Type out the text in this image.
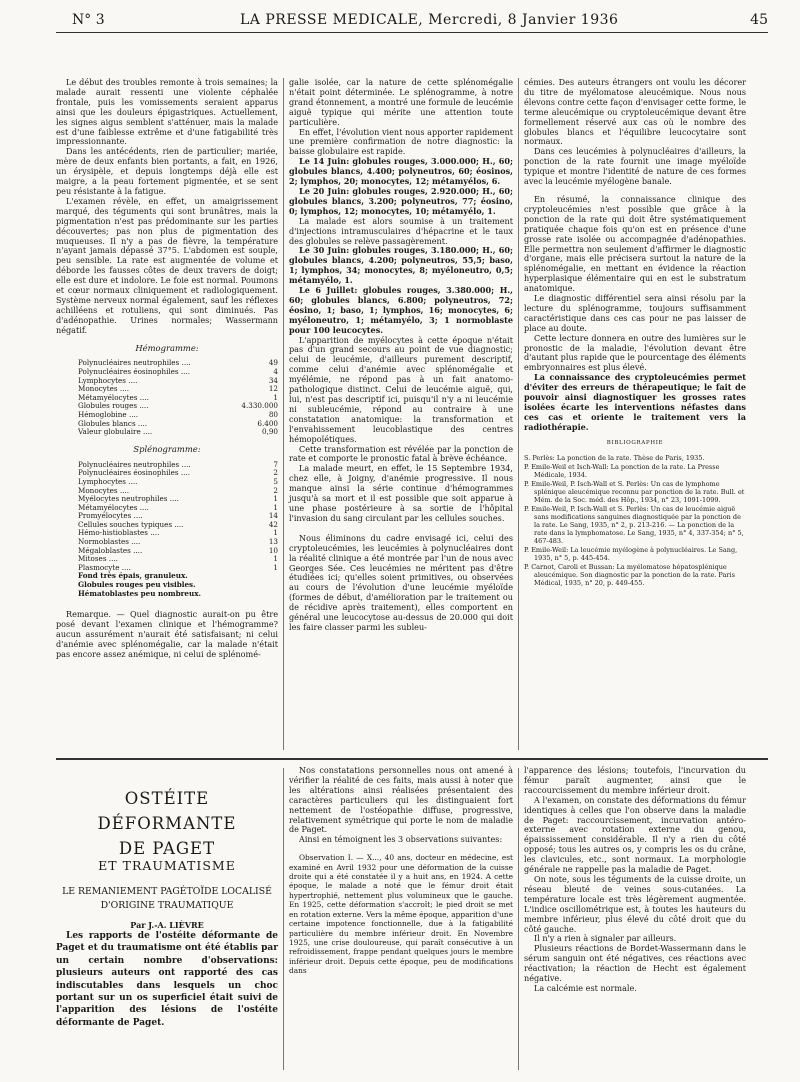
N° 3	LA PRESSE MEDICALE, Mercredi, 8 Janvier 1936	45

Le début des troubles remonte à trois semaines; la malade aurait ressenti une violente céphalée frontale, puis les vomissements seraient apparus ainsi que les douleurs épigastriques. Actuellement, les signes aigus semblent s'atténuer, mais la malade est d'une faiblesse extrême et d'une fatigabilité très impressionnante.

Dans les antécédents, rien de particulier; mariée, mère de deux enfants bien portants, a fait, en 1926, un érysipèle, et depuis longtemps déjà elle est maigre, a la peau fortement pigmentée, et se sent peu résistante à la fatigue.

L'examen révèle, en effet, un amaigrissement marqué, des téguments qui sont brunâtres, mais la pigmentation n'est pas prédominante sur les parties découvertes; pas non plus de pigmentation des muqueuses. Il n'y a pas de fièvre, la température n'ayant jamais dépassé 37°5. L'abdomen est souple, peu sensible. La rate est augmentée de volume et déborde les fausses côtes de deux travers de doigt; elle est dure et indolore. Le foie est normal. Poumons et cœur normaux cliniquement et radiologiquement. Système nerveux normal également, sauf les réflexes achilléens et rotuliens, qui sont diminués. Pas d'adénopathie. Urines normales; Wassermann négatif.

Hémogramme:
Polynucléaires neutrophiles ....	49
Polynucléaires éosinophiles ....	4
Lymphocytes ....	34
Monocytes ....	12
Métamyélocytes ....	1
Globules rouges ....	4.330.000
Hémoglobine ....	80
Globules blancs ....	6.400
Valeur globulaire ....	0,90
Splénogramme:
Polynucléaires neutrophiles ....	7
Polynucléaires éosinophiles ....	2
Lymphocytes ....	5
Monocytes ....	2
Myélocytes neutrophiles ....	1
Métamyélocytes ....	1
Promyélocytes ....	14
Cellules souches typiques ....	42
Hémo-histioblastes ....	1
Normoblastes ....	13
Mégaloblastes ....	10
Mitoses ....	1
Plasmocyte ....	1
Fond très épais, granuleux.	
Globules rouges peu visibles.	
Hématoblastes peu nombreux.	

Remarque. — Quel diagnostic aurait-on pu être posé devant l'examen clinique et l'hémogramme? aucun assurément n'aurait été satisfaisant; ni celui d'anémie avec splénomégalie, car la malade n'était pas encore assez anémique, ni celui de splénomé-

galie isolée, car la nature de cette splénomégalie n'était point déterminée. Le splénogramme, à notre grand étonnement, a montré une formule de leucémie aiguë typique qui mérite une attention toute particulière.

En effet, l'évolution vient nous apporter rapidement une première confirmation de notre diagnostic: la baisse globulaire est rapide.

Le 14 Juin: globules rouges, 3.000.000; H., 60; globules blancs, 4.400; polyneutros, 60; éosinos, 2; lymphos, 20; monocytes, 12; métamyélos, 6.

Le 20 Juin: globules rouges, 2.920.000; H., 60; globules blancs, 3.200; polyneutros, 77; éosino, 0; lymphos, 12; monocytes, 10; métamyélo, 1.

La malade est alors soumise à un traitement d'injections intramusculaires d'hépacrine et le taux des globules se relève passagèrement.

Le 30 Juin: globules rouges, 3.180.000; H., 60; globules blancs, 4.200; polyneutros, 55,5; baso, 1; lymphos, 34; monocytes, 8; myéloneutro, 0,5; métamyélo, 1.

Le 6 Juillet: globules rouges, 3.380.000; H., 60; globules blancs, 6.800; polyneutros, 72; éosino, 1; baso, 1; lymphos, 16; monocytes, 6; myéloneutro, 1; métamyélo, 3; 1 normoblaste pour 100 leucocytes.

L'apparition de myélocytes à cette époque n'était pas d'un grand secours au point de vue diagnostic; celui de leucémie, d'ailleurs purement descriptif, comme celui d'anémie avec splénomégalie et myélémie, ne répond pas à un fait anatomo-pathologique distinct. Celui de leucémie aiguë, qui, lui, n'est pas descriptif ici, puisqu'il n'y a ni leucémie ni subleucémie, répond au contraire à une constatation anatomique: la transformation et l'envahissement leucoblastique des centres hémopoïétiques.

Cette transformation est révélée par la ponction de rate et comporte le pronostic fatal à brève échéance.

La malade meurt, en effet, le 15 Septembre 1934, chez elle, à Joigny, d'anémie progressive. Il nous manque ainsi la série continue d'hémogrammes jusqu'à sa mort et il est possible que soit apparue à une phase postérieure à sa sortie de l'hôpital l'invasion du sang circulant par les cellules souches.

Nous éliminons du cadre envisagé ici, celui des cryptoleucémies, les leucémies à polynucléaires dont la réalité clinique a été montrée par l'un de nous avec Georges Sée. Ces leucémies ne méritent pas d'être étudiées ici; qu'elles soient primitives, ou observées au cours de l'évolution d'une leucémie myéloïde (formes de début, d'amélioration par le traitement ou de récidive après traitement), elles comportent en général une leucocytose au-dessus de 20.000 qui doit les faire classer parmi les subleu-

cémies. Des auteurs étrangers ont voulu les décorer du titre de myélomatose aleucémique. Nous nous élevons contre cette façon d'envisager cette forme, le terme aleucémique ou cryptoleucémique devant être formellement réservé aux cas où le nombre des globules blancs et l'équilibre leucocytaire sont normaux.

Dans ces leucémies à polynucléaires d'ailleurs, la ponction de la rate fournit une image myéloïde typique et montre l'identité de nature de ces formes avec la leucémie myélogène banale.

En résumé, la connaissance clinique des cryptoleucémies n'est possible que grâce à la ponction de la rate qui doit être systématiquement pratiquée chaque fois qu'on est en présence d'une grosse rate isolée ou accompagnée d'adénopathies. Elle permettra non seulement d'affirmer le diagnostic d'organe, mais elle précisera surtout la nature de la splénomégalie, en mettant en évidence la réaction hyperplasique élémentaire qui en est le substratum anatomique.

Le diagnostic différentiel sera ainsi résolu par la lecture du splénogramme, toujours suffisamment caractéristique dans ces cas pour ne pas laisser de place au doute.

Cette lecture donnera en outre des lumières sur le pronostic de la maladie, l'évolution devant être d'autant plus rapide que le pourcentage des éléments embryonnaires est plus élevé.

La connaissance des cryptoleucémies permet d'éviter des erreurs de thérapeutique; le fait de pouvoir ainsi diagnostiquer les grosses rates isolées écarte les interventions néfastes dans ces cas et oriente le traitement vers la radiothérapie.

BIBLIOGRAPHIE
S. Perlès: La ponction de la rate. Thèse de Paris, 1935.
P. Emile-Weil et Isch-Wall: La ponction de la rate. La Presse Médicale, 1934.
P. Emile-Weil, P. Isch-Wall et S. Perlès: Un cas de lymphome splénique aleucémique reconnu par ponction de la rate. Bull. et Mém. de la Soc. méd. des Hôp., 1934, n° 23, 1091-1099.
P. Emile-Weil, P. Isch-Wall et S. Perlès: Un cas de leucémie aiguë sans modifications sanguines diagnostiquée par la ponction de la rate. Le Sang, 1935, n° 2, p. 213-216. — La ponction de la rate dans la lymphomatose. Le Sang, 1935, n° 4, 337-354; n° 5, 467-483.
P. Emile-Weil: La leucémie myélogène à polynucléaires. Le Sang, 1935, n° 5, p. 445-454.
P. Carnot, Caroli et Bussan: La myélomatose hépatosplénique aleucémique. Son diagnostic par la ponction de la rate. Paris Médical, 1935, n° 20, p. 449-455.
OSTÉITE DÉFORMANTE
DE PAGET
ET TRAUMATISME
LE REMANIEMENT PAGÉTOÏDE LOCALISÉ
D'ORIGINE TRAUMATIQUE
Par J.-A. LIÈVRE

Les rapports de l'ostéite déformante de Paget et du traumatisme ont été établis par un certain nombre d'observations: plusieurs auteurs ont rapporté des cas indiscutables dans lesquels un choc portant sur un os superficiel était suivi de l'apparition des lésions de l'ostéite déformante de Paget.

Nos constatations personnelles nous ont amené à vérifier la réalité de ces faits, mais aussi à noter que les altérations ainsi réalisées présentaient des caractères particuliers qui les distinguaient fort nettement de l'ostéopathie diffuse, progressive, relativement symétrique qui porte le nom de maladie de Paget.

Ainsi en témoignent les 3 observations suivantes:

Observation I. — X..., 40 ans, docteur en médecine, est examiné en Avril 1932 pour une déformation de la cuisse droite qui a été constatée il y a huit ans, en 1924. A cette époque, le malade a noté que le fémur droit était hypertrophié, nettement plus volumineux que le gauche. En 1925, cette déformation s'accroît; le pied droit se met en rotation externe. Vers la même époque, apparition d'une certaine impotence fonctionnelle, due à la fatigabilité particulière du membre inférieur droit. En Novembre 1925, une crise douloureuse, qui paraît consécutive à un refroidissement, frappe pendant quelques jours le membre inférieur droit. Depuis cette époque, peu de modifications dans

l'apparence des lésions; toutefois, l'incurvation du fémur paraît augmenter, ainsi que le raccourcissement du membre inférieur droit.

A l'examen, on constate des déformations du fémur identiques à celles que l'on observe dans la maladie de Paget: raccourcissement, incurvation antéro-externe avec rotation externe du genou, épaississement considérable. Il n'y a rien du côté opposé; tous les autres os, y compris les os du crâne, les clavicules, etc., sont normaux. La morphologie générale ne rappelle pas la maladie de Paget.

On note, sous les téguments de la cuisse droite, un réseau bleuté de veines sous-cutanées. La température locale est très légèrement augmentée. L'indice oscillométrique est, à toutes les hauteurs du membre inférieur, plus élevé du côté droit que du côté gauche.

Il n'y a rien à signaler par ailleurs.

Plusieurs réactions de Bordet-Wassermann dans le sérum sanguin ont été négatives, ces réactions avec réactivation; la réaction de Hecht est également négative.

La calcémie est normale.
